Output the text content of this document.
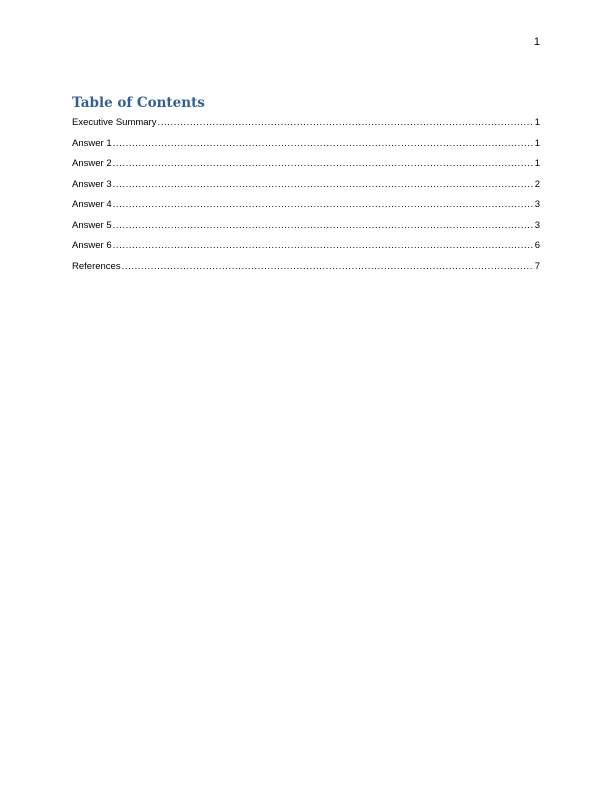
1
Table of Contents
Executive Summary .....	1
Answer 1 .....	1
Answer 2 .....	1
Answer 3 .....	2
Answer 4 .....	3
Answer 5 .....	3
Answer 6 .....	6
References .....	7
